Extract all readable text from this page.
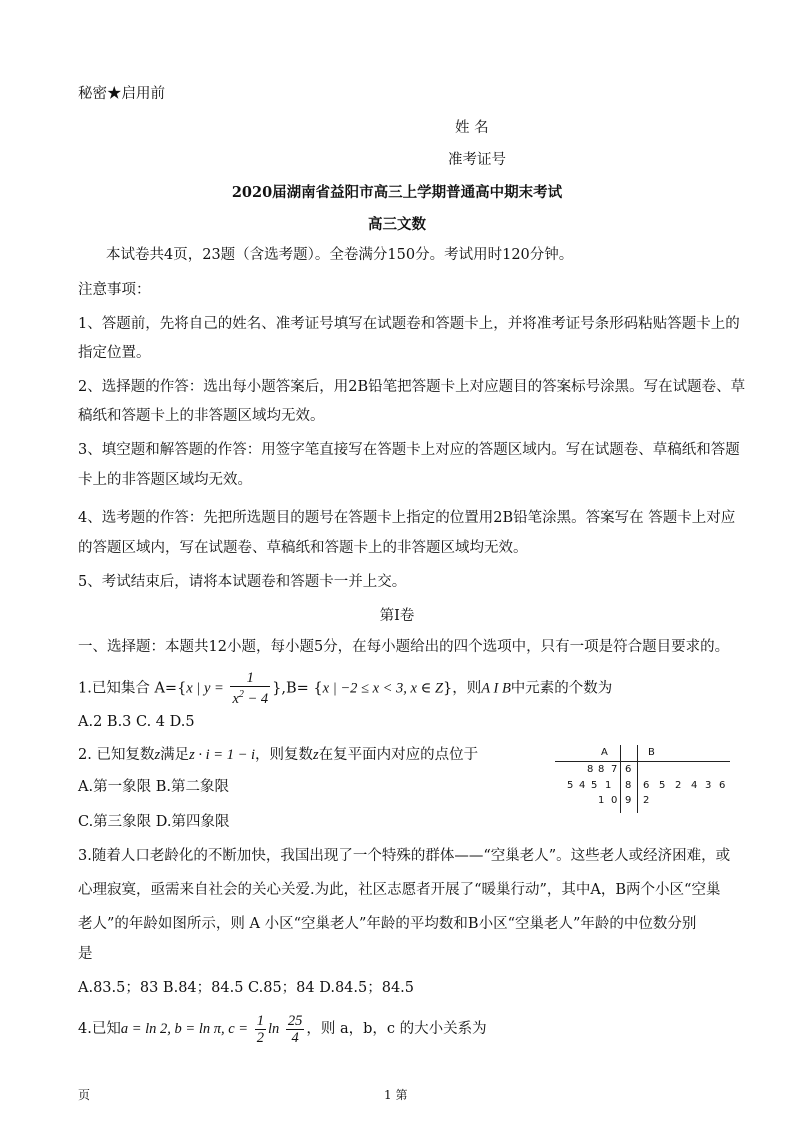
秘密★启用前
姓 名
准考证号
2020届湖南省益阳市高三上学期普通高中期末考试
高三文数
本试卷共4页，23题（含选考题）。全卷满分150分。考试用时120分钟。
注意事项：
1、答题前，先将自己的姓名、准考证号填写在试题卷和答题卡上，并将准考证号条形码粘贴答题卡上的
指定位置。
2、选择题的作答：选出每小题答案后，用2B铅笔把答题卡上对应题目的答案标号涂黑。写在试题卷、草
稿纸和答题卡上的非答题区域均无效。
3、填空题和解答题的作答：用签字笔直接写在答题卡上对应的答题区域内。写在试题卷、草稿纸和答题
卡上的非答题区域均无效。
4、选考题的作答：先把所选题目的题号在答题卡上指定的位置用2B铅笔涂黑。答案写在 答题卡上对应
的答题区域内，写在试题卷、草稿纸和答题卡上的非答题区域均无效。
5、考试结束后，请将本试题卷和答题卡一并上交。
第Ⅰ卷
一、选择题：本题共12小题，每小题5分，在每小题给出的四个选项中，只有一项是符合题目要求的。
1.已知集合 A={x | $y = \frac{1}{x^2 - 4} \},B= \{x$ | −2 ≤ x < 3, x ∈ Z}，则A I B中元素的个数为
A.2 B.3 C. 4 D.5
2. 已知复数z满足z · i = 1 − i，则复数z在复平面内对应的点位于
A.第一象限 B.第二象限
C.第三象限 D.第四象限
A	B
8 8 7 6
5 4 5 1 8 6 5 2 4 3 6
1 0 9 2
3.随着人口老龄化的不断加快，我国出现了一个特殊的群体——“空巢老人”。这些老人或经济困难，或
心理寂寞，亟需来自社会的关心关爱.为此，社区志愿者开展了“暖巢行动”，其中A，B两个小区“空巢
老人”的年龄如图所示，则 A 小区“空巢老人”年龄的平均数和B小区“空巢老人”年龄的中位数分别
是
A.83.5；83 B.84；84.5 C.85；84 D.84.5；84.5
4.已知a = ln 2, b = ln π, $c = \frac{1}{2}$ $\ln \frac{25}{4}$ ，则 a，b，c 的大小关系为
页	1 第
